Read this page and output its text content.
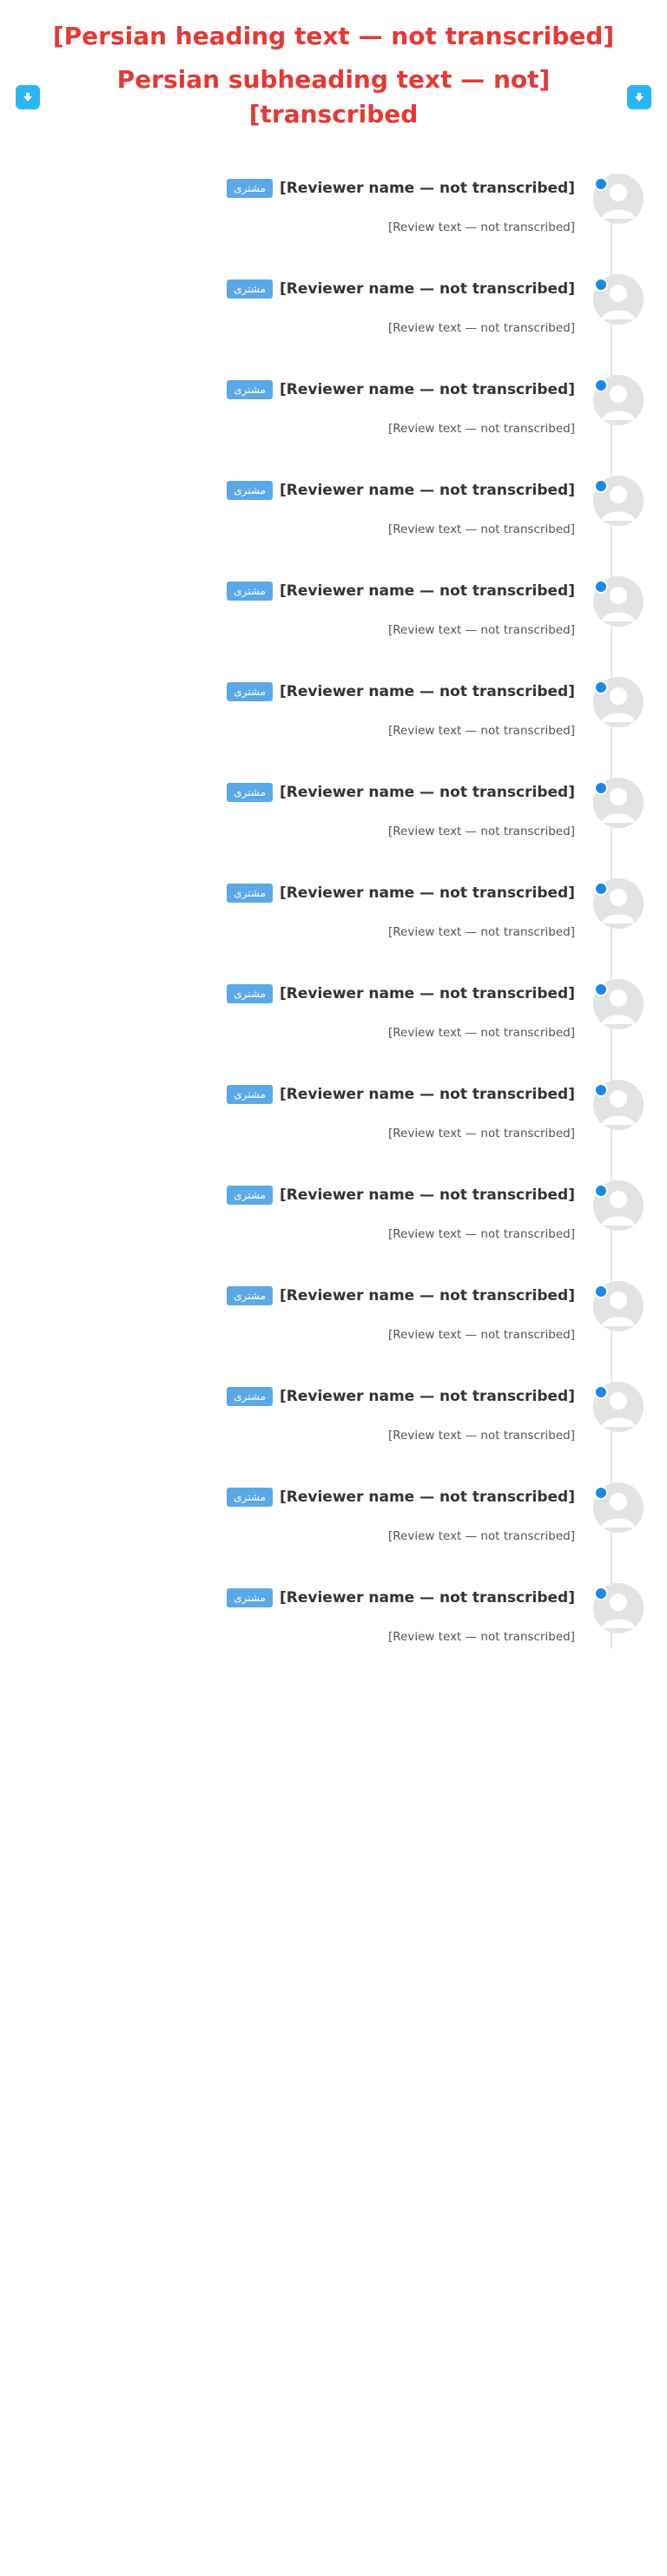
[Persian heading text — not transcribed]
[Persian subheading text — not transcribed]
[Reviewer name — not transcribed]
مشتری
[Review text — not transcribed]
[Reviewer name — not transcribed]
مشتری
[Review text — not transcribed]
[Reviewer name — not transcribed]
مشتری
[Review text — not transcribed]
[Reviewer name — not transcribed]
مشتری
[Review text — not transcribed]
[Reviewer name — not transcribed]
مشتری
[Review text — not transcribed]
[Reviewer name — not transcribed]
مشتری
[Review text — not transcribed]
[Reviewer name — not transcribed]
مشتری
[Review text — not transcribed]
[Reviewer name — not transcribed]
مشتری
[Review text — not transcribed]
[Reviewer name — not transcribed]
مشتری
[Review text — not transcribed]
[Reviewer name — not transcribed]
مشتری
[Review text — not transcribed]
[Reviewer name — not transcribed]
مشتری
[Review text — not transcribed]
[Reviewer name — not transcribed]
مشتری
[Review text — not transcribed]
[Reviewer name — not transcribed]
مشتری
[Review text — not transcribed]
[Reviewer name — not transcribed]
مشتری
[Review text — not transcribed]
[Reviewer name — not transcribed]
مشتری
[Review text — not transcribed]
